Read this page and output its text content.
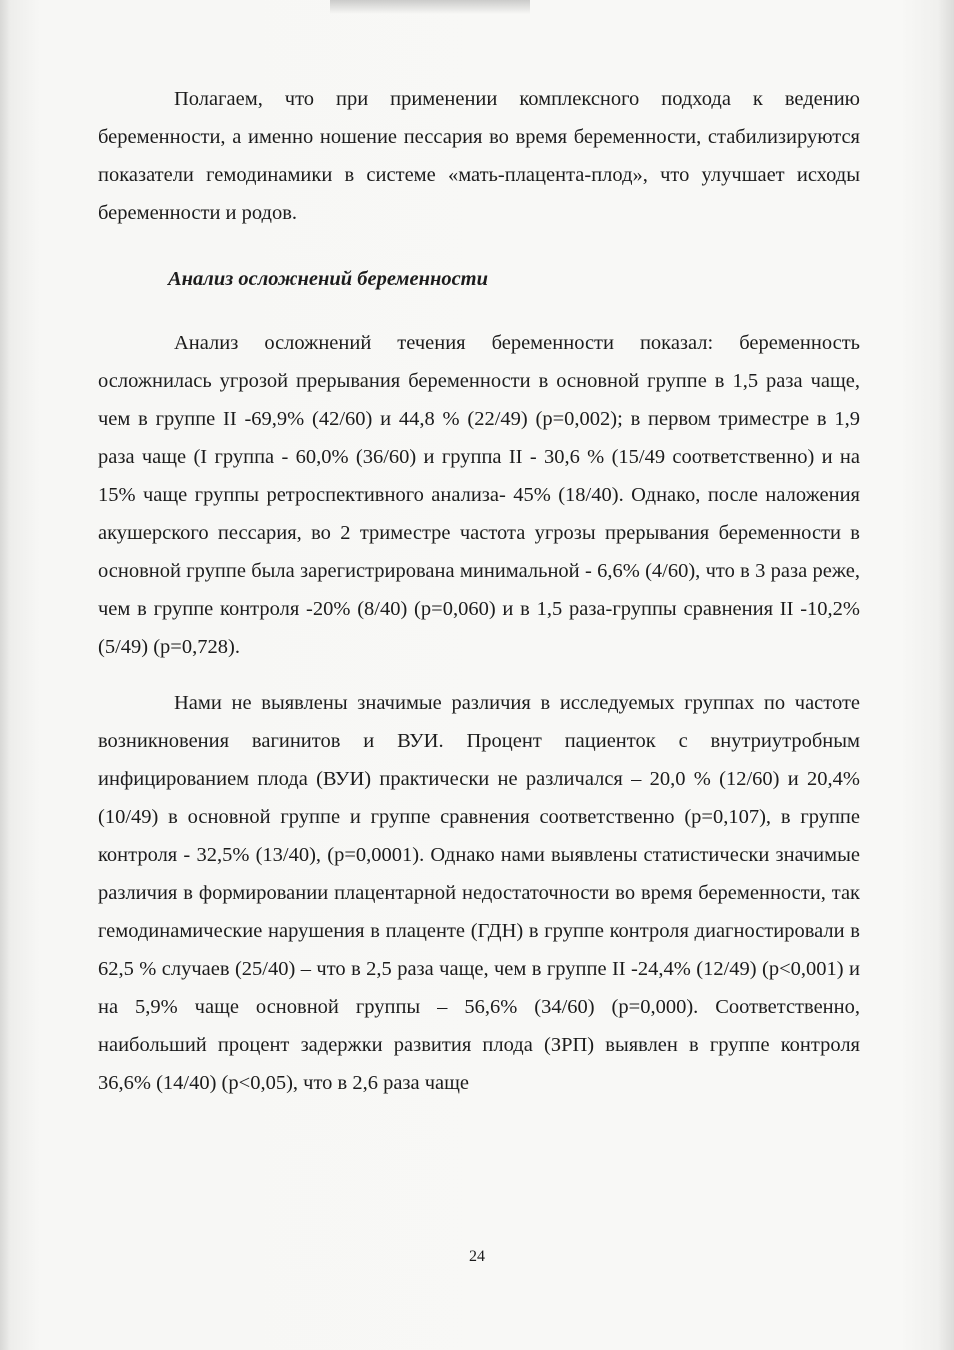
Полагаем, что при применении комплексного подхода к ведению беременности, а именно ношение пессария во время беременности, стабилизируются показатели гемодинамики в системе «мать-плацента-плод», что улучшает исходы беременности и родов.

Анализ осложнений беременности

Анализ осложнений течения беременности показал: беременность осложнилась угрозой прерывания беременности в основной группе в 1,5 раза чаще, чем в группе II -69,9% (42/60) и 44,8 % (22/49) (p=0,002); в первом триместре в 1,9 раза чаще (I группа - 60,0% (36/60) и группа II - 30,6 % (15/49 соответственно) и на 15% чаще группы ретроспективного анализа- 45% (18/40). Однако, после наложения акушерского пессария, во 2 триместре частота угрозы прерывания беременности в основной группе была зарегистрирована минимальной - 6,6% (4/60), что в 3 раза реже, чем в группе контроля -20% (8/40) (p=0,060) и в 1,5 раза-группы сравнения II -10,2% (5/49) (p=0,728).

Нами не выявлены значимые различия в исследуемых группах по частоте возникновения вагинитов и ВУИ. Процент пациенток с внутриутробным инфицированием плода (ВУИ) практически не различался – 20,0 % (12/60) и 20,4% (10/49) в основной группе и группе сравнения соответственно (p=0,107), в группе контроля - 32,5% (13/40), (p=0,0001). Однако нами выявлены статистически значимые различия в формировании плацентарной недостаточности во время беременности, так гемодинамические нарушения в плаценте (ГДН) в группе контроля диагностировали в 62,5 % случаев (25/40) – что в 2,5 раза чаще, чем в группе II -24,4% (12/49) (p<0,001) и на 5,9% чаще основной группы – 56,6% (34/60) (p=0,000). Соответственно, наибольший процент задержки развития плода (ЗРП) выявлен в группе контроля 36,6% (14/40) (p<0,05), что в 2,6 раза чаще

24
